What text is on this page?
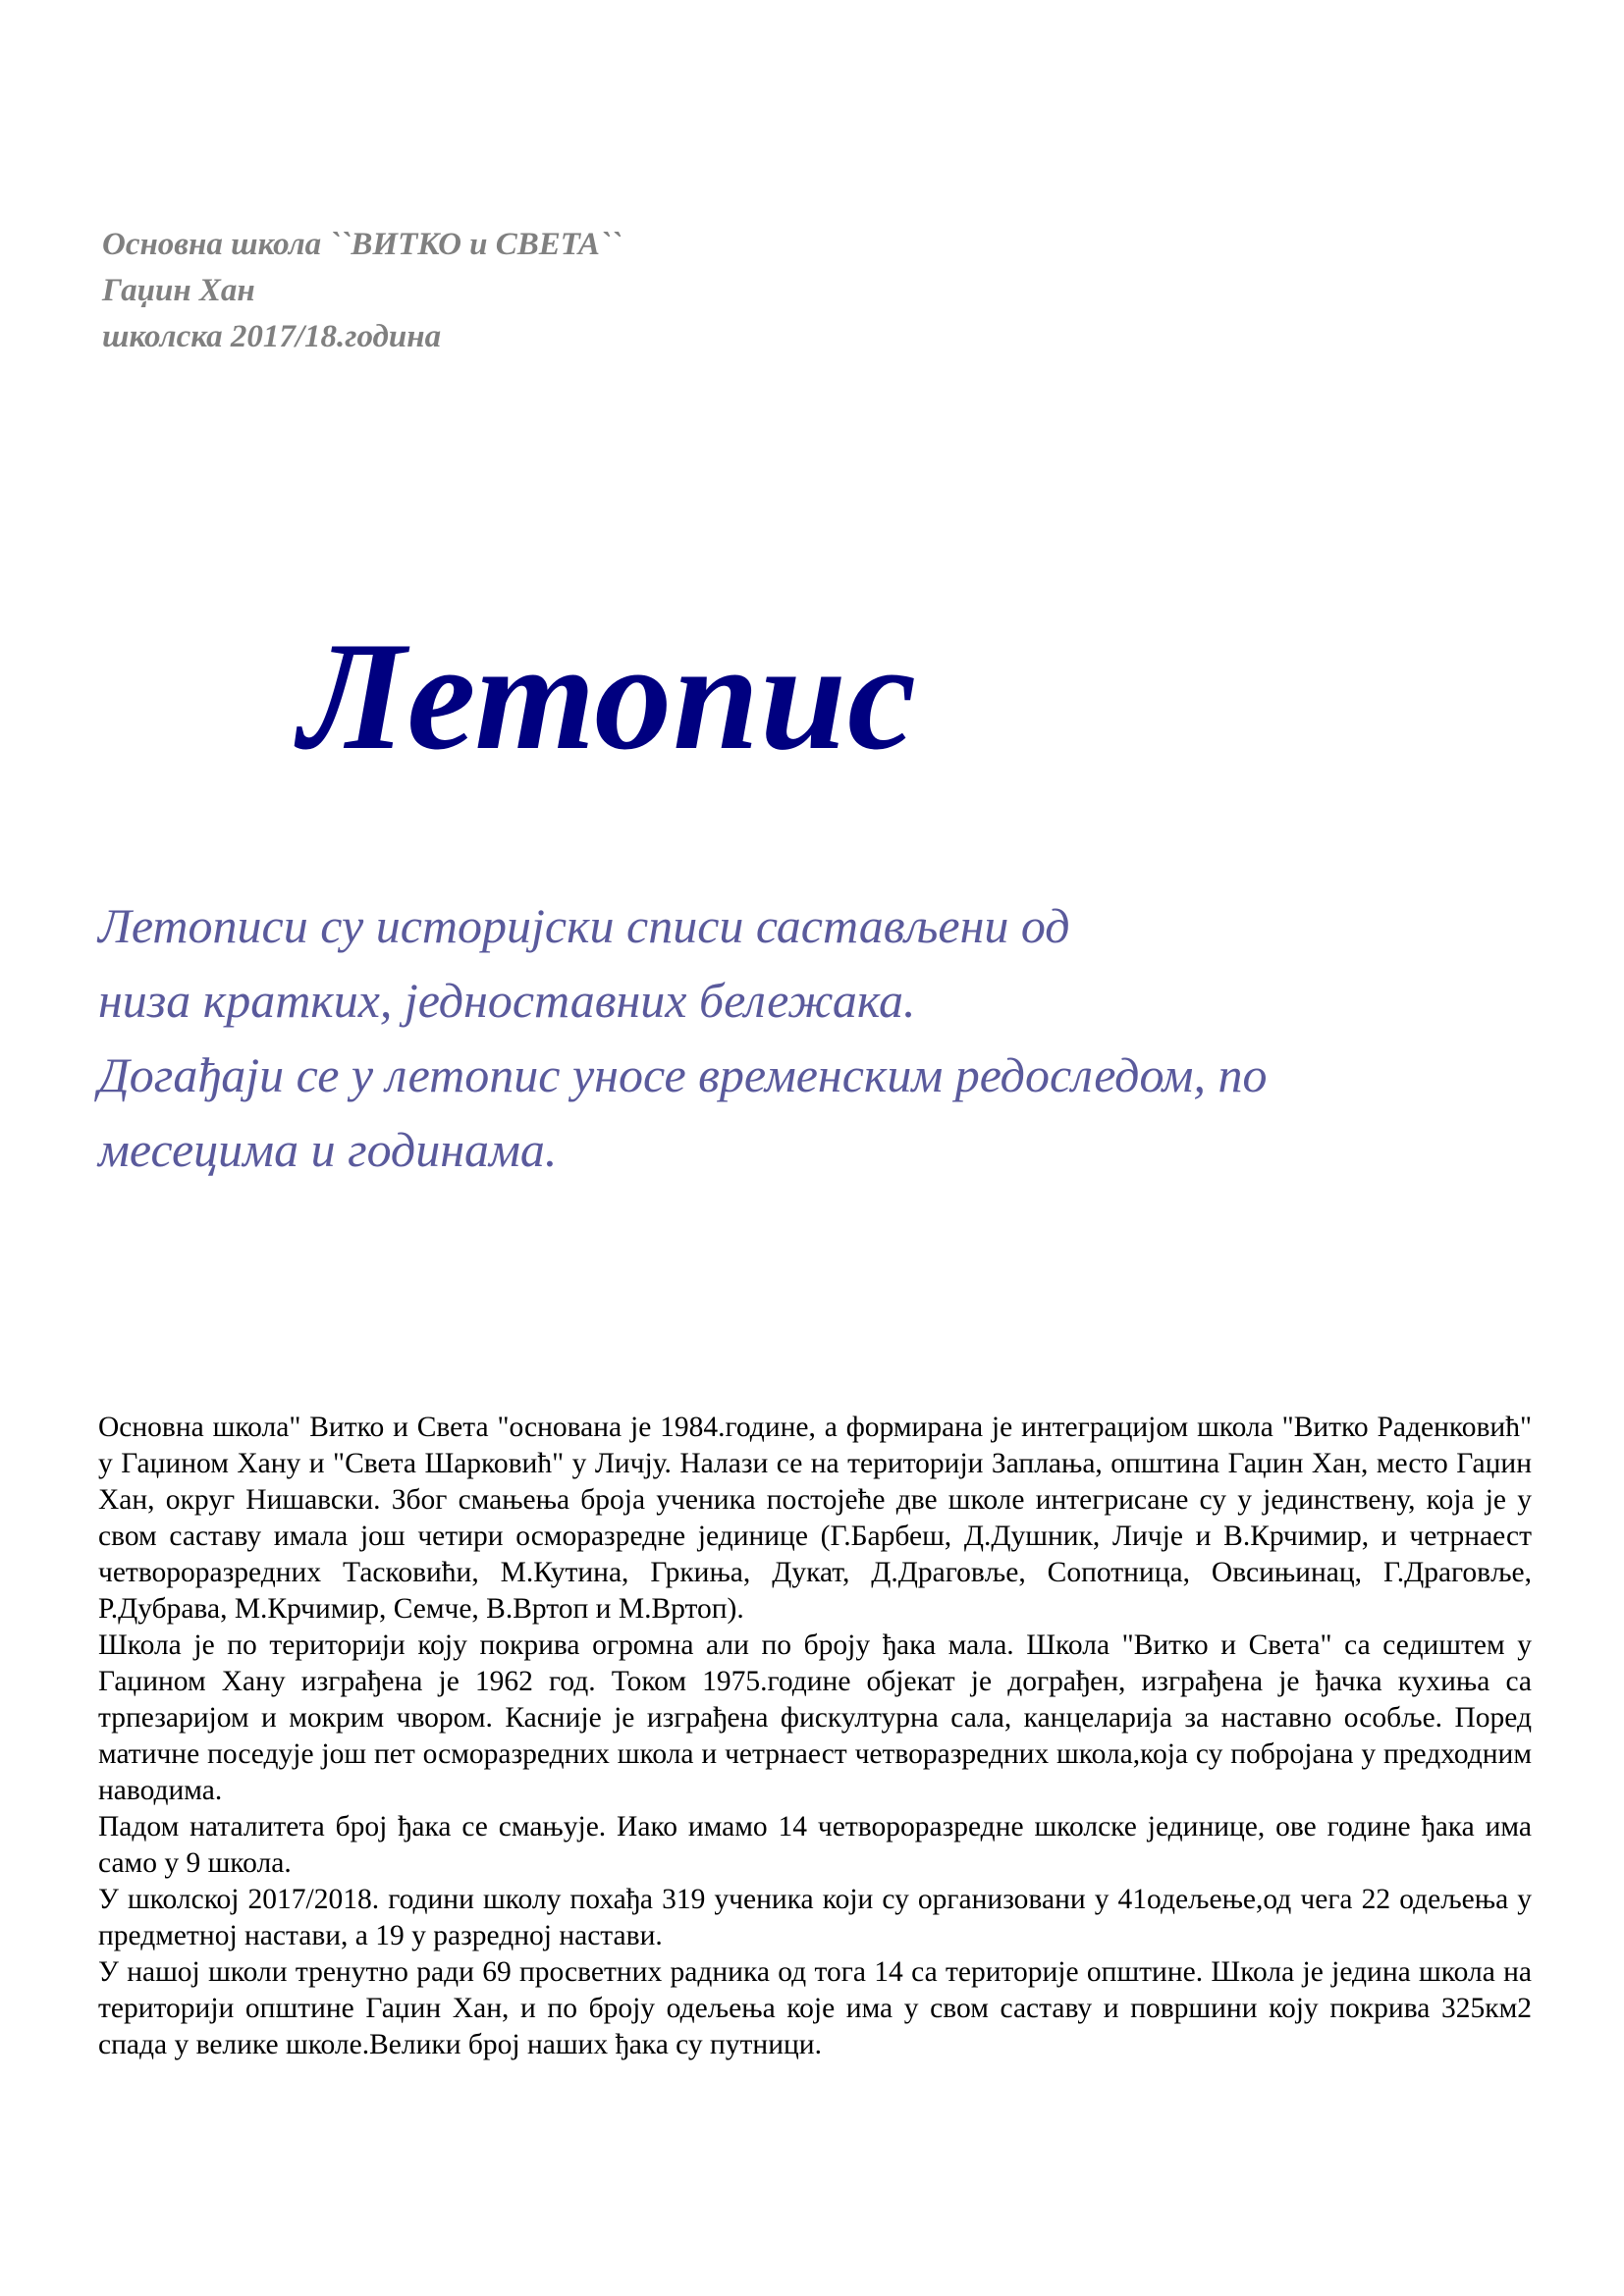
Основна школа ``ВИТКО и СВЕТА``
Гаџин Хан
школска 2017/18.година
Летопис
Летописи су историјски списи састављени од
низа кратких, једноставних бележака.
Догађаји се у летопис уносе временским редоследом, по
месецима и годинама.

Основна школа" Витко и Света "основана је 1984.године, а формирана је интеграцијом школа "Витко Раденковић" у Гаџином Хану и "Света Шарковић" у Личју. Налази се на територији Заплања, општина Гаџин Хан, место Гаџин Хан, округ Нишавски. Због смањења броја ученика постојеће две школе интегрисане су у јединствену, која је у свом саставу имала још четири осморазредне јединице (Г.Барбеш, Д.Душник, Личје и В.Крчимир, и четрнаест четвороразредних Тасковићи, М.Кутина, Гркиња, Дукат, Д.Драговље, Сопотница, Овсињинац, Г.Драговље, Р.Дубрава, М.Крчимир, Семче, В.Вртоп и М.Вртоп).

Школа је по територији коју покрива огромна али по броју ђака мала. Школа "Витко и Света" са седиштем у Гаџином Хану изграђена је 1962 год. Током 1975.године објекат је дограђен, изграђена је ђачка кухиња са трпезаријом и мокрим чвором. Касније је изграђена фискултурна сала, канцеларија за наставно особље. Поред матичне поседује још пет осморазредних школа и четрнаест четворазредних школа,која су побројана у предходним наводима.

Падом наталитета број ђака се смањује. Иако имамо 14 четвороразредне школске јединице, ове године ђака има само у 9 школа.

У школској 2017/2018. години школу похађа 319 ученика који су организовани у 41одељење,од чега 22 одељења у предметној настави, а 19 у разредној настави.

У нашој школи тренутно ради 69 просветних радника од тога 14 са територије општине. Школа је једина школа на територији општине Гаџин Хан, и по броју одељења које има у свом саставу и површини коју покрива 325км2 спада у велике школе.Велики број наших ђака су путници.
